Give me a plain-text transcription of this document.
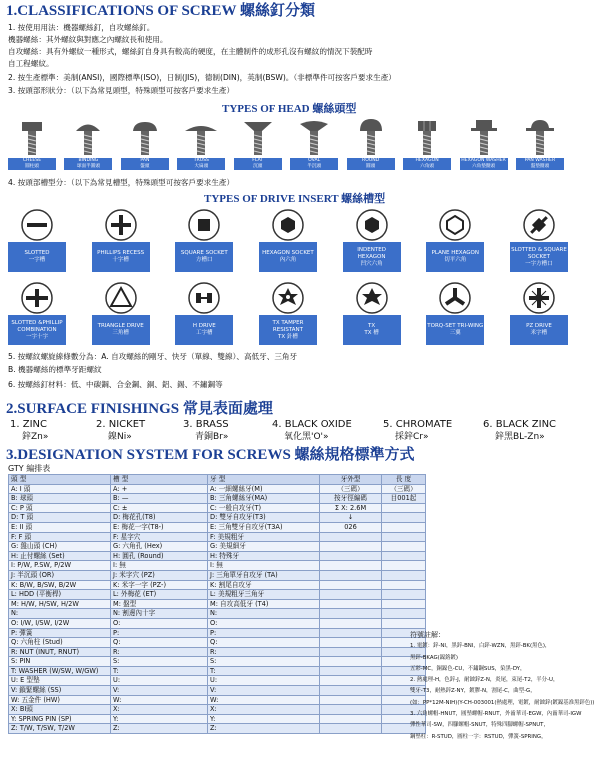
1.CLASSIFICATIONS OF SCREW 螺絲釘分類
1. 按使用用法：機器螺絲釘，自攻螺絲釘。
機器螺絲：其外螺紋與對應之內螺紋長和使用。
自攻螺絲：具有外螺紋一種形式，螺絲釘自身具有較高的硬度，在主體制件的成形孔沒有螺紋的情況下裝配時
自工程螺紋。
2. 按生產標準：美制(ANSI)，國際標準(ISO)，日制(JIS)，德制(DIN)，英制(BSW)。（非標準件可按客戶要求生產）
3. 按頭部形狀分：（以下為常見頭型，特殊頭型可按客戶要求生產）
TYPES OF HEAD 螺絲頭型
CHEESE
圓柱頭
BINDING
球面半圓頭
PAN
盤頭
TRUSS
大扁頭
FLAT
沉頭
OVAL
半沉頭
ROUND
圓頭
HEXAGON
六角頭
HEXAGON WASHER
六角墊圈頭
PAN WASHER
盤墊圈頭
4. 按頭部槽型分：（以下為常見槽型，特殊頭型可按客戶要求生產）
TYPES OF DRIVE INSERT 螺絲槽型
SLOTTED
一字槽
PHILLIPS RECESS
十字槽
SQUARE SOCKET
方槽口
HEXAGON SOCKET
內六角
INDENTED HEXAGON
凹穴六角
PLANE HEXAGON
切平六角
SLOTTED & SQUARE SOCKET
一字方槽口
SLOTTED &PHILLIP COMBINATION
一字十字
TRIANGLE DRIVE
三角槽
H DRIVE
工字槽
TX TAMPER RESISTANT
TX 針槽
TX
TX 槽
TORQ-SET TRI-WING
三翼
PZ DRIVE
米字槽
5. 按螺紋螺旋線條數分為：A. 自攻螺絲的剛牙、快牙（單線、雙線）、高低牙、三角牙
B. 機器螺絲的標準牙距螺紋
6. 按螺絲釘材料：低、中碳鋼、合金鋼、銅、鋁、錫、不鏽鋼等
2.SURFACE FINISHINGS 常見表面處理
1. ZINC
鋅Zn»
2. NICKET
鎳Ni»
3. BRASS
青銅Br»
4. BLACK OXIDE
氧化黑'O'»
5. CHROMATE
採鋅Cr»
6. BLACK ZINC
鋅黑BL-Zn»
3.DESIGNATION SYSTEM FOR SCREWS 螺絲規格標準方式
GTY 編排表
頭 型	槽 型	牙 型	牙外型	長 度
A: I 頭	A: +	A: 一細螺絲牙(M)	（三碼）	（三碼）
B: 球頭	B: —	B: 三角螺絲牙(MA)	按牙徑編碼	目001起
C: P 頭	C: ±	C: 一般自攻牙(T)	Σ X: 2.6M	
D: T 頭	D: 梅花孔(T8)	D: 雙牙自攻牙(T3)	↓	
E: II 頭	E: 梅花一字(T8-)	E: 三角雙牙自攻牙(T3A)	026	
F: F 頭	F: 星字穴	F: 美規粗牙		
G: 盤山頭 (CH)	G: 六角孔 (Hex)	G: 美規細牙		
H: 止付螺絲 (Set)	H: 圓孔 (Round)	H: 特殊牙		
I: P/W, P.SW, P/2W	I: 無	I: 無		
J: 半沉頭 (OR)	J: 米字穴 (PZ)	J: 三角單牙自攻牙 (TA)		
K: B/W, B/SW, B/2W	K: 米字一字 (PZ-)	K: 割尾自攻牙		
L: HDD (平衡桿)	L: 外梅花 (ET)	L: 美規粗牙三角牙		
M: H/W, H/SW, H/2W	M: 盤型	M: 自攻高低牙 (T4)		
N:	N: 割邊內十字	N:		
O: I/W, I/SW, I/2W	O:	O:		
P: 彈簧	P:	P:		
Q: 六角柱 (Stud)	Q:	Q:		
R: NUT (INUT, RNUT)	R:	R:		
S: PIN	S:	S:		
T: WASHER (W/SW, W/GW)	T:	T:		
U: E 型墊	U:	U:		
V: 鎖緊螺絲 (SS)	V:	V:		
W: 五金件 (HW)	W:	W:		
X: BI頭	X:	X:		
Y: SPRING PIN (SP)	Y:	Y:		
Z: T/W, T/SW, T/2W	Z:	Z:		
符號註解：
1. 電鍍：鋅-NI，黑鋅-BNI，白鋅-WZN，黑鋅-BK(黑色)，
黑鋅-BKAG(鎳鉻鍍)
五彩-MC，銅鎳色-CU，不鏽鋼SUS，染黑-DY，
2. 熱處理-H，色鋅-J，耐蝕鋅Z-N，炎尾，束尾-T2，半分-U，
雙牙-T3，耐熱鋅Z-NY，鍍膠-N，割尾-C，曲型-G，
(如：PP*12M-NIH)(Y-CH-003001(熱處理，電鍍，耐蝕鋅(鍍鎳基准黑鋅色))
3. 六角螺帽-HNUT，圓墊螺帽-RNUT，外齒華司-EGW，內齒華司-IGW
彈性華司-SW，四腳螺帽-SNUT，特殊四腳螺帽-SPNUT，
鋼墊柱：R-STUD，圓柱一字：RSTUD，彈簧-SPRING，
